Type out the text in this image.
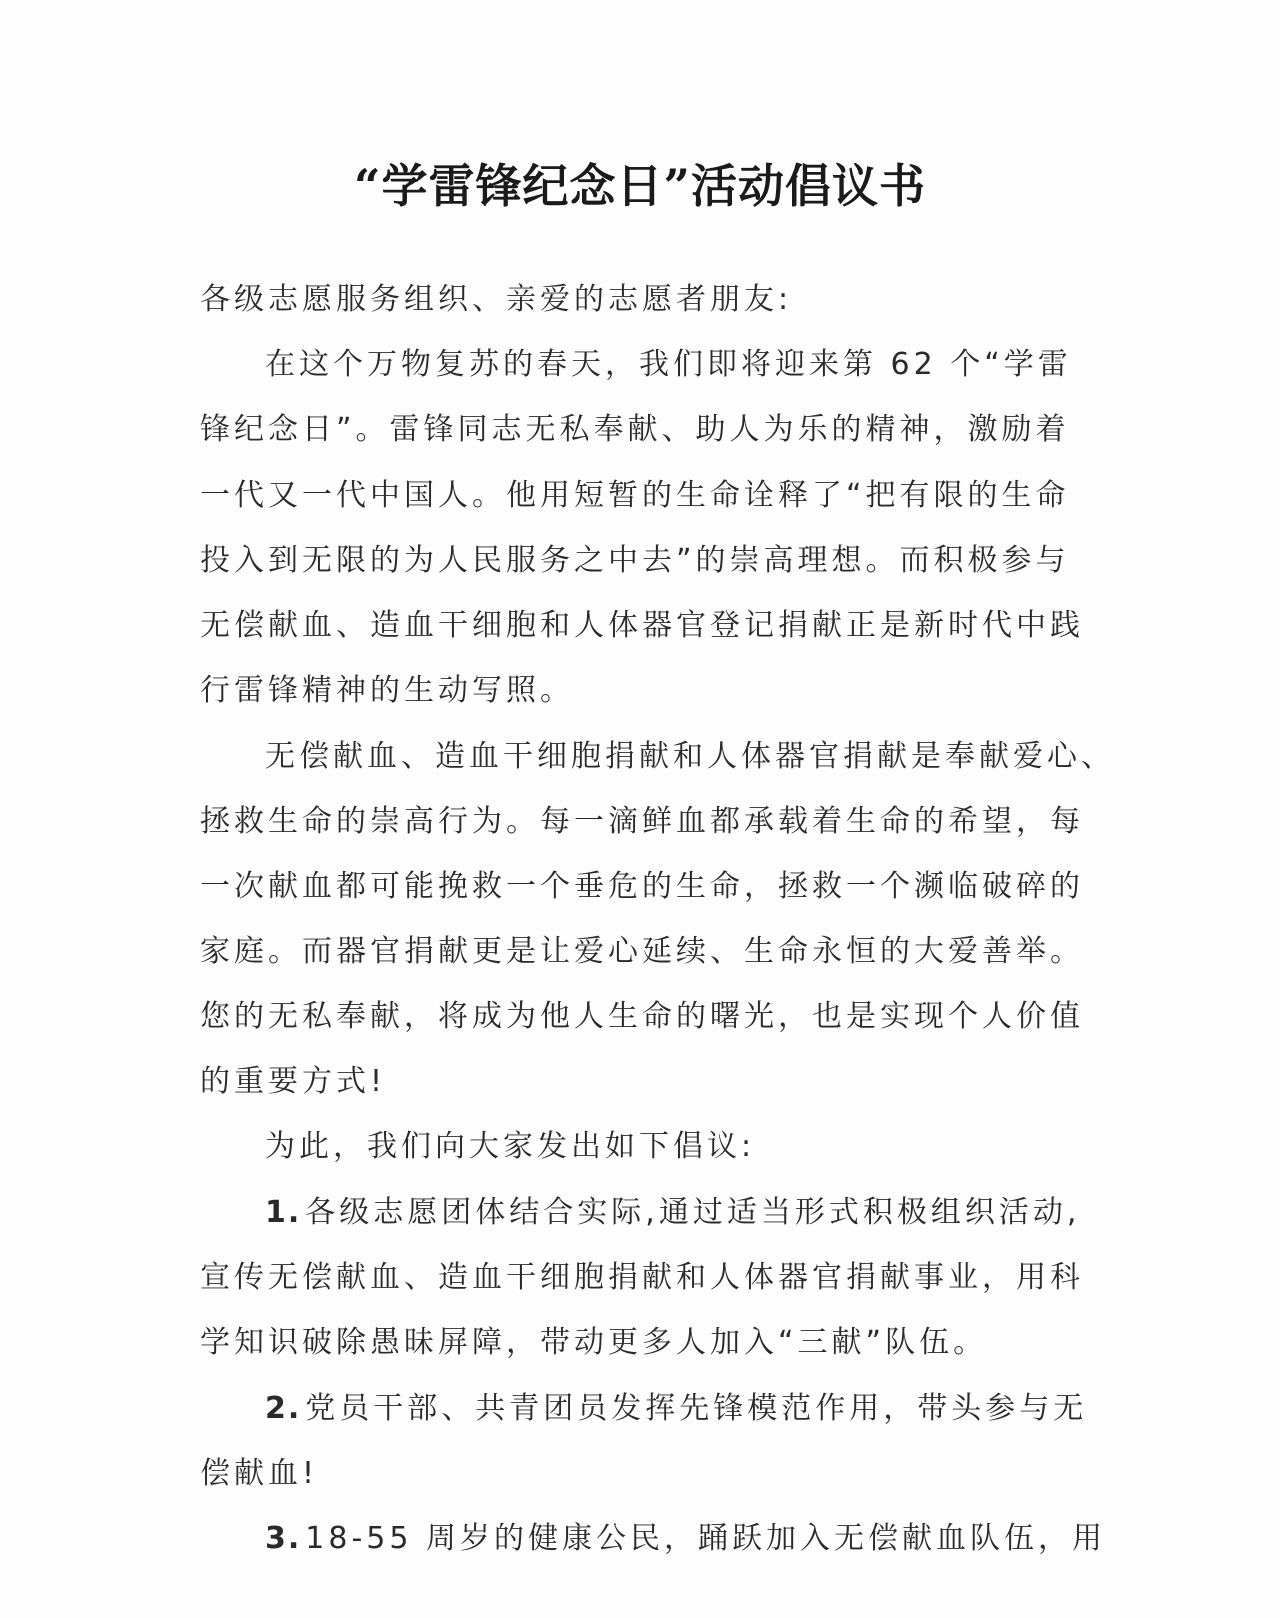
“学雷锋纪念日”活动倡议书
各级志愿服务组织、亲爱的志愿者朋友:
在这个万物复苏的春天，我们即将迎来第 62 个“学雷
锋纪念日”。雷锋同志无私奉献、助人为乐的精神，激励着
一代又一代中国人。他用短暂的生命诠释了“把有限的生命
投入到无限的为人民服务之中去”的崇高理想。而积极参与
无偿献血、造血干细胞和人体器官登记捐献正是新时代中践
行雷锋精神的生动写照。
无偿献血、造血干细胞捐献和人体器官捐献是奉献爱心、
拯救生命的崇高行为。每一滴鲜血都承载着生命的希望，每
一次献血都可能挽救一个垂危的生命，拯救一个濒临破碎的
家庭。而器官捐献更是让爱心延续、生命永恒的大爱善举。
您的无私奉献，将成为他人生命的曙光，也是实现个人价值
的重要方式!
为此，我们向大家发出如下倡议:
1. 各级志愿团体结合实际,通过适当形式积极组织活动,
宣传无偿献血、造血干细胞捐献和人体器官捐献事业，用科
学知识破除愚昧屏障，带动更多人加入“三献”队伍。
2. 党员干部、共青团员发挥先锋模范作用，带头参与无
偿献血!
3. 18-55 周岁的健康公民，踊跃加入无偿献血队伍，用
